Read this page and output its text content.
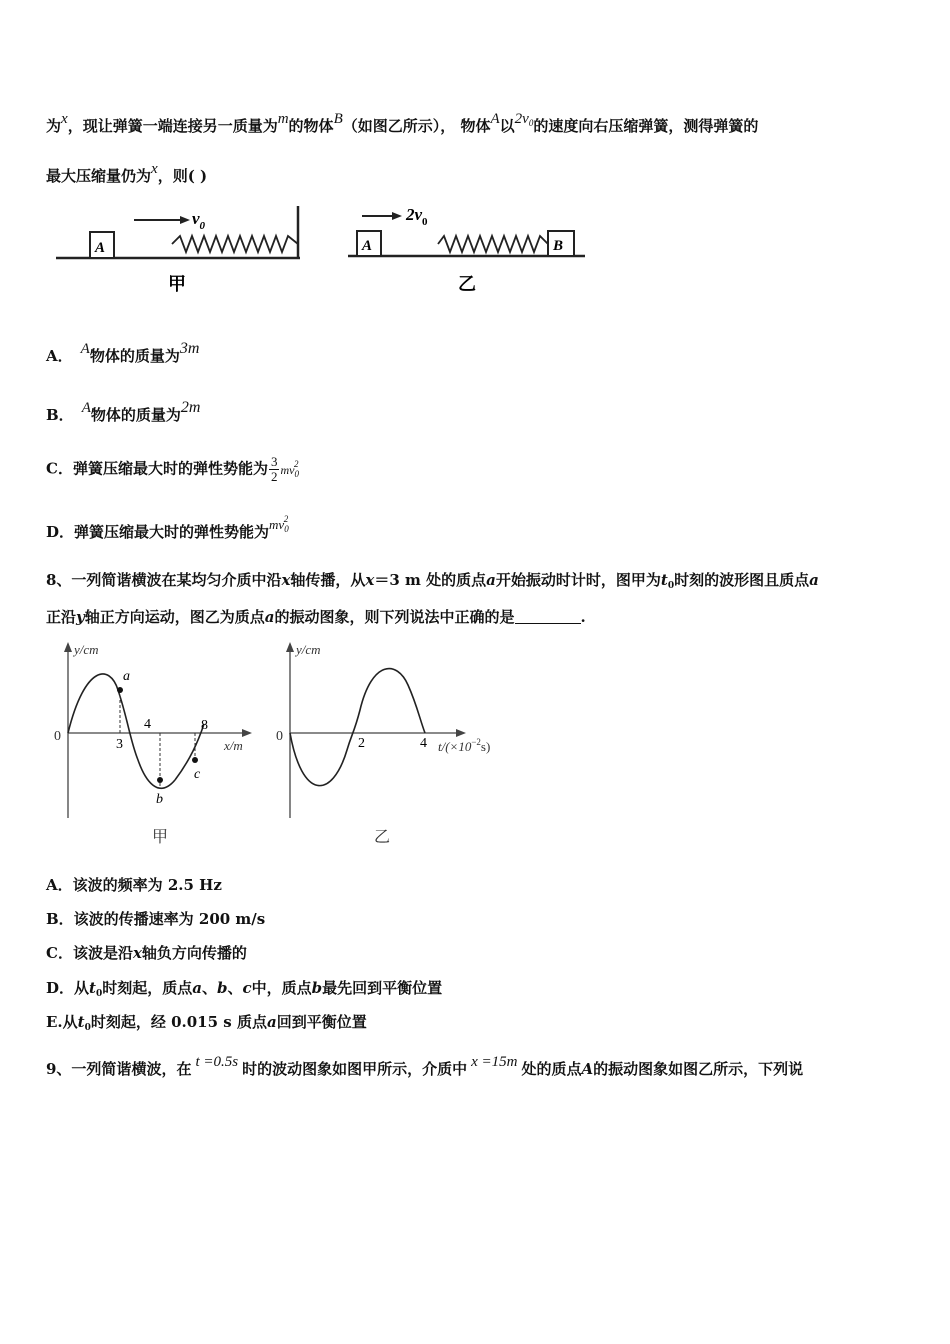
为x，现让弹簧一端连接另一质量为m的物体B（如图乙所示）， 物体A以$2v_0$的速度向右压缩弹簧，测得弹簧的
最大压缩量仍为x，则( )
A
$v_0$
甲
A
$2v_0$
B
乙
A． A物体的质量为3m
B． A物体的质量为2m
C．弹簧压缩最大时的弹性势能为 $\frac{3}{2} mv_0^2$
D．弹簧压缩最大时的弹性势能为$mv_0^2$
8、一列简谐横波在某均匀介质中沿x轴传播，从x＝3 m 处的质点a开始振动时计时，图甲为$t_0$时刻的波形图且质点a
正沿y轴正方向运动，图乙为质点a的振动图象，则下列说法中正确的是	.
y/cm
x/m
0
a
b
c
3
4	8
甲
y/cm
$t/(\times 10^{-2}s)$
0	2	4
乙
A．该波的频率为 2.5 Hz
B．该波的传播速率为 200 m/s
C．该波是沿x轴负方向传播的
D．从$t_0$时刻起，质点a、b、c中，质点b最先回到平衡位置
E.从$t_0$时刻起，经 0.015 s 质点a回到平衡位置
9、一列简谐横波，在 t =0.5s 时的波动图象如图甲所示，介质中 x =15m 处的质点A的振动图象如图乙所示，下列说
